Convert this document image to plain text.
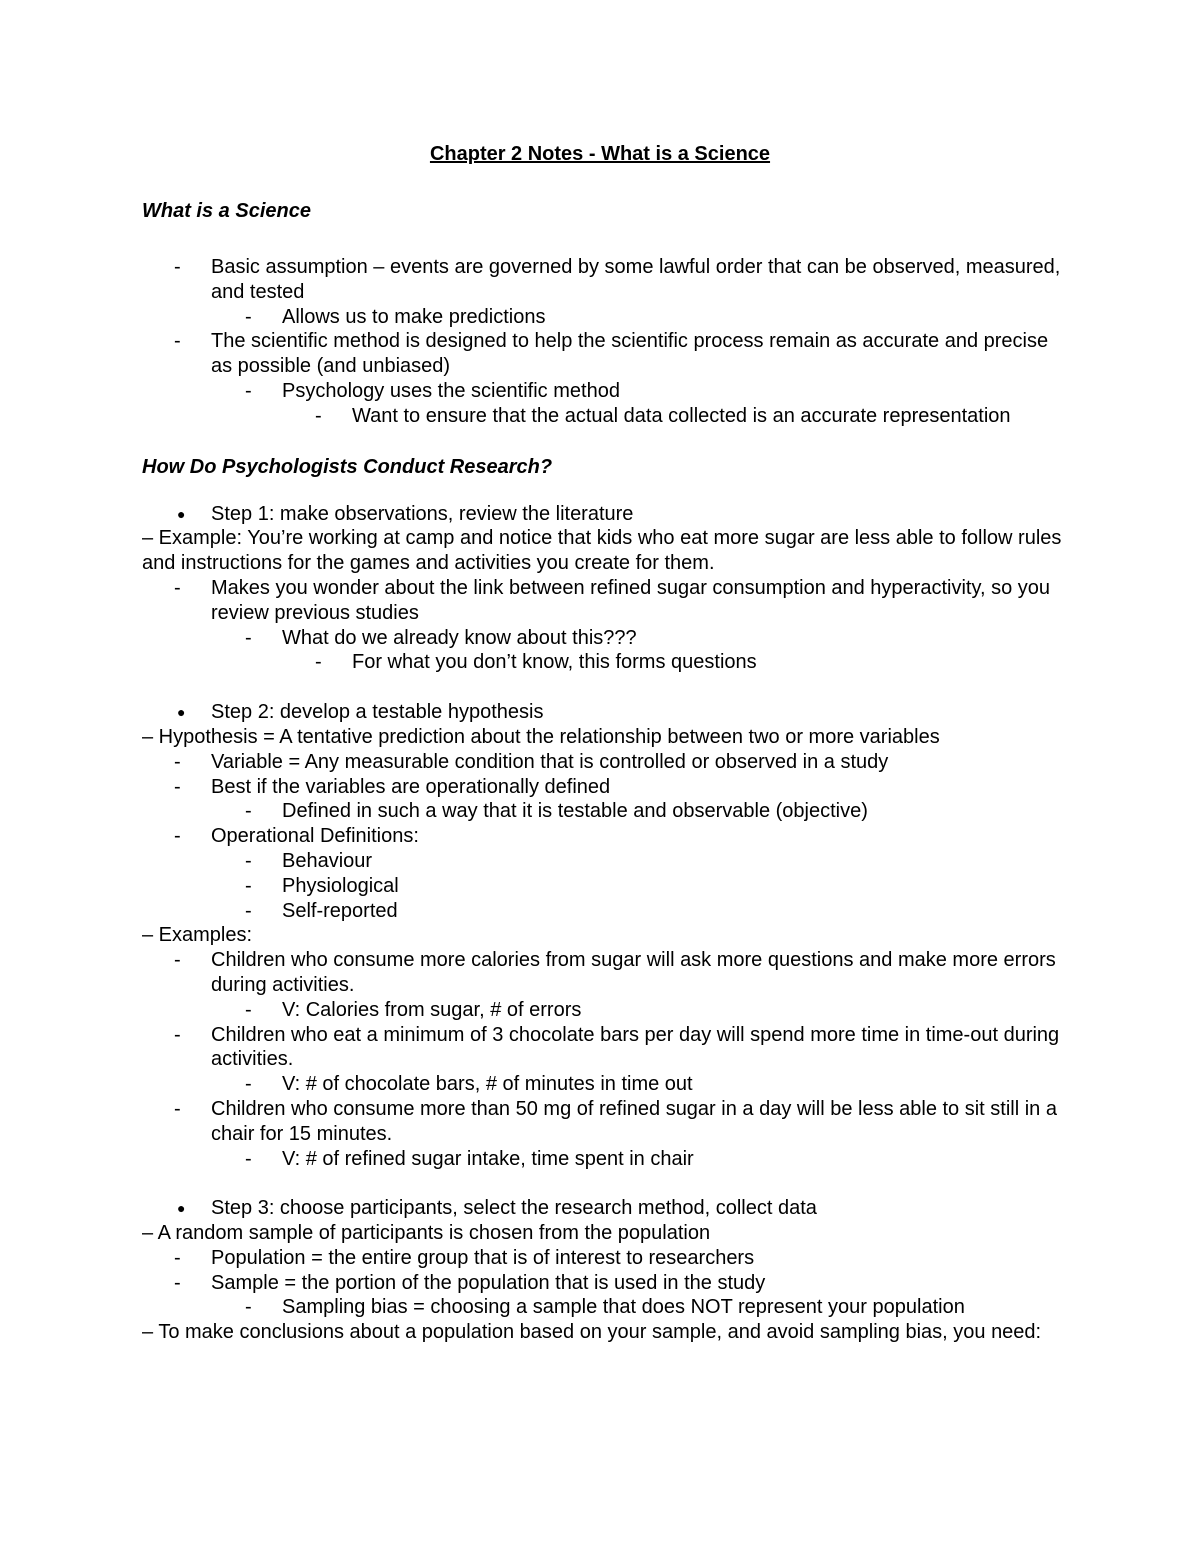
Chapter 2 Notes - What is a Science

What is a Science

- Basic assumption – events are governed by some lawful order that can be observed, measured, and tested
- Allows us to make predictions
- The scientific method is designed to help the scientific process remain as accurate and precise as possible (and unbiased)
- Psychology uses the scientific method
- Want to ensure that the actual data collected is an accurate representation

How Do Psychologists Conduct Research?

● Step 1: make observations, review the literature

– Example: You’re working at camp and notice that kids who eat more sugar are less able to follow rules and instructions for the games and activities you create for them.

- Makes you wonder about the link between refined sugar consumption and hyperactivity, so you review previous studies
- What do we already know about this???
- For what you don’t know, this forms questions
● Step 2: develop a testable hypothesis

– Hypothesis = A tentative prediction about the relationship between two or more variables

- Variable = Any measurable condition that is controlled or observed in a study
- Best if the variables are operationally defined
- Defined in such a way that it is testable and observable (objective)
- Operational Definitions:
- Behaviour
- Physiological
- Self-reported

– Examples:

- Children who consume more calories from sugar will ask more questions and make more errors during activities.
- V: Calories from sugar, # of errors
- Children who eat a minimum of 3 chocolate bars per day will spend more time in time-out during activities.
- V: # of chocolate bars, # of minutes in time out
- Children who consume more than 50 mg of refined sugar in a day will be less able to sit still in a chair for 15 minutes.
- V: # of refined sugar intake, time spent in chair
● Step 3: choose participants, select the research method, collect data

– A random sample of participants is chosen from the population

- Population = the entire group that is of interest to researchers
- Sample = the portion of the population that is used in the study
- Sampling bias = choosing a sample that does NOT represent your population

– To make conclusions about a population based on your sample, and avoid sampling bias, you need:
